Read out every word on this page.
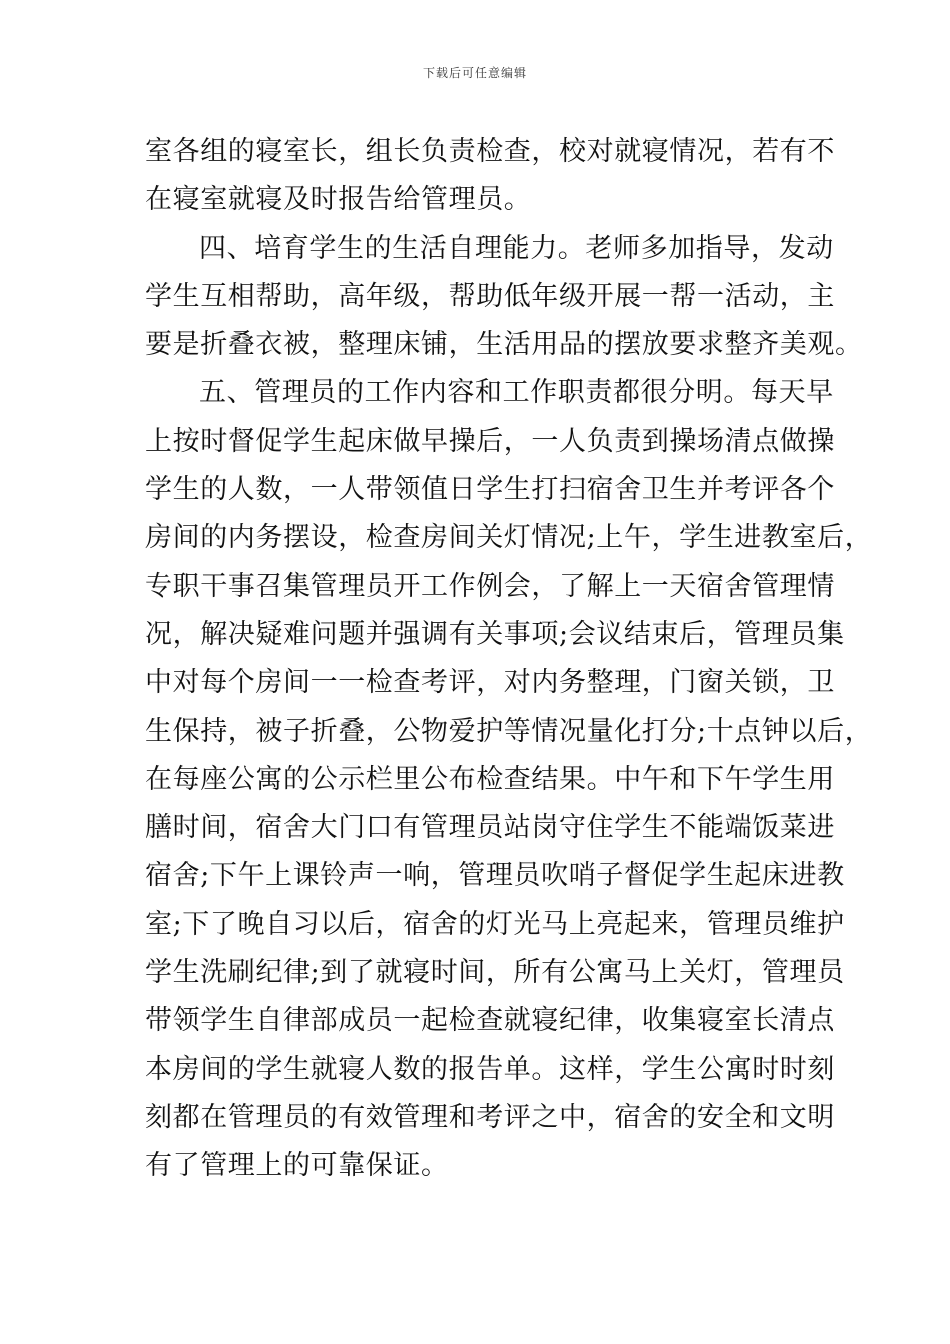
下载后可任意编辑
室各组的寝室长，组长负责检查，校对就寝情况，若有不
在寝室就寝及时报告给管理员。
四、培育学生的生活自理能力。老师多加指导，发动
学生互相帮助，高年级，帮助低年级开展一帮一活动，主
要是折叠衣被，整理床铺，生活用品的摆放要求整齐美观。
五、管理员的工作内容和工作职责都很分明。每天早
上按时督促学生起床做早操后，一人负责到操场清点做操
学生的人数，一人带领值日学生打扫宿舍卫生并考评各个
房间的内务摆设，检查房间关灯情况;上午，学生进教室后，
专职干事召集管理员开工作例会，了解上一天宿舍管理情
况，解决疑难问题并强调有关事项;会议结束后，管理员集
中对每个房间一一检查考评，对内务整理，门窗关锁，卫
生保持，被子折叠，公物爱护等情况量化打分;十点钟以后，
在每座公寓的公示栏里公布检查结果。中午和下午学生用
膳时间，宿舍大门口有管理员站岗守住学生不能端饭菜进
宿舍;下午上课铃声一响，管理员吹哨子督促学生起床进教
室;下了晚自习以后，宿舍的灯光马上亮起来，管理员维护
学生洗刷纪律;到了就寝时间，所有公寓马上关灯，管理员
带领学生自律部成员一起检查就寝纪律，收集寝室长清点
本房间的学生就寝人数的报告单。这样，学生公寓时时刻
刻都在管理员的有效管理和考评之中，宿舍的安全和文明
有了管理上的可靠保证。
